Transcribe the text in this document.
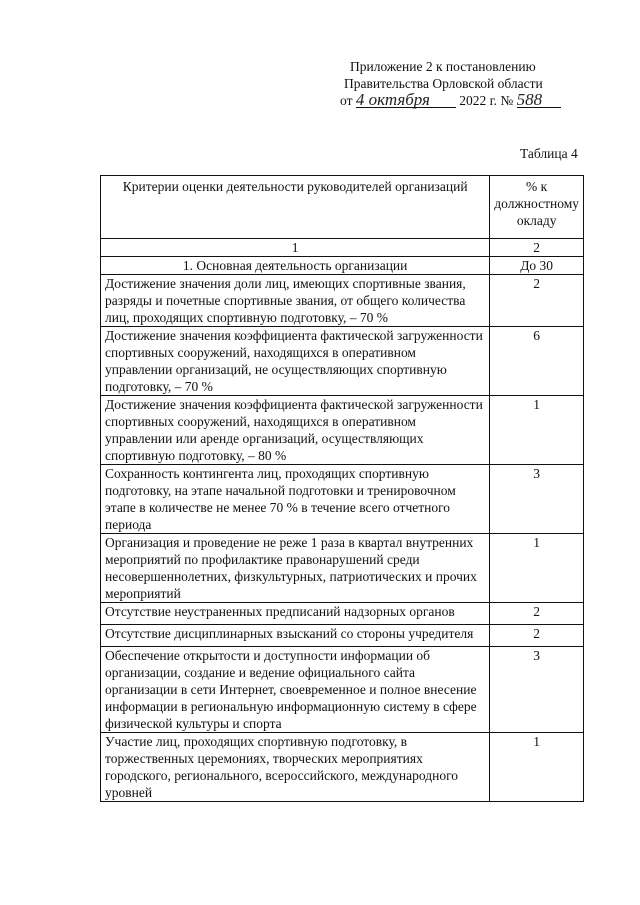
Приложение 2 к постановлению
Правительства Орловской области
от 4 октября 2022 г. № 588
Таблица 4
Критерии оценки деятельности руководителей организаций	% к должностному окладу
1	2
1. Основная деятельность организации	До 30
Достижение значения доли лиц, имеющих спортивные звания, разряды и почетные спортивные звания, от общего количества лиц, проходящих спортивную подготовку, – 70 %	2
Достижение значения коэффициента фактической загруженности спортивных сооружений, находящихся в оперативном управлении организаций, не осуществляющих спортивную подготовку, – 70 %	6
Достижение значения коэффициента фактической загруженности спортивных сооружений, находящихся в оперативном управлении или аренде организаций, осуществляющих спортивную подготовку, – 80 %	1
Сохранность контингента лиц, проходящих спортивную подготовку, на этапе начальной подготовки и тренировочном этапе в количестве не менее 70 % в течение всего отчетного периода	3
Организация и проведение не реже 1 раза в квартал внутренних мероприятий по профилактике правонарушений среди несовершеннолетних, физкультурных, патриотических и прочих мероприятий	1
Отсутствие неустраненных предписаний надзорных органов	2
Отсутствие дисциплинарных взысканий со стороны учредителя	2
Обеспечение открытости и доступности информации об организации, создание и ведение официального сайта организации в сети Интернет, своевременное и полное внесение информации в региональную информационную систему в сфере физической культуры и спорта	3
Участие лиц, проходящих спортивную подготовку, в торжественных церемониях, творческих мероприятиях городского, регионального, всероссийского, международного уровней	1
